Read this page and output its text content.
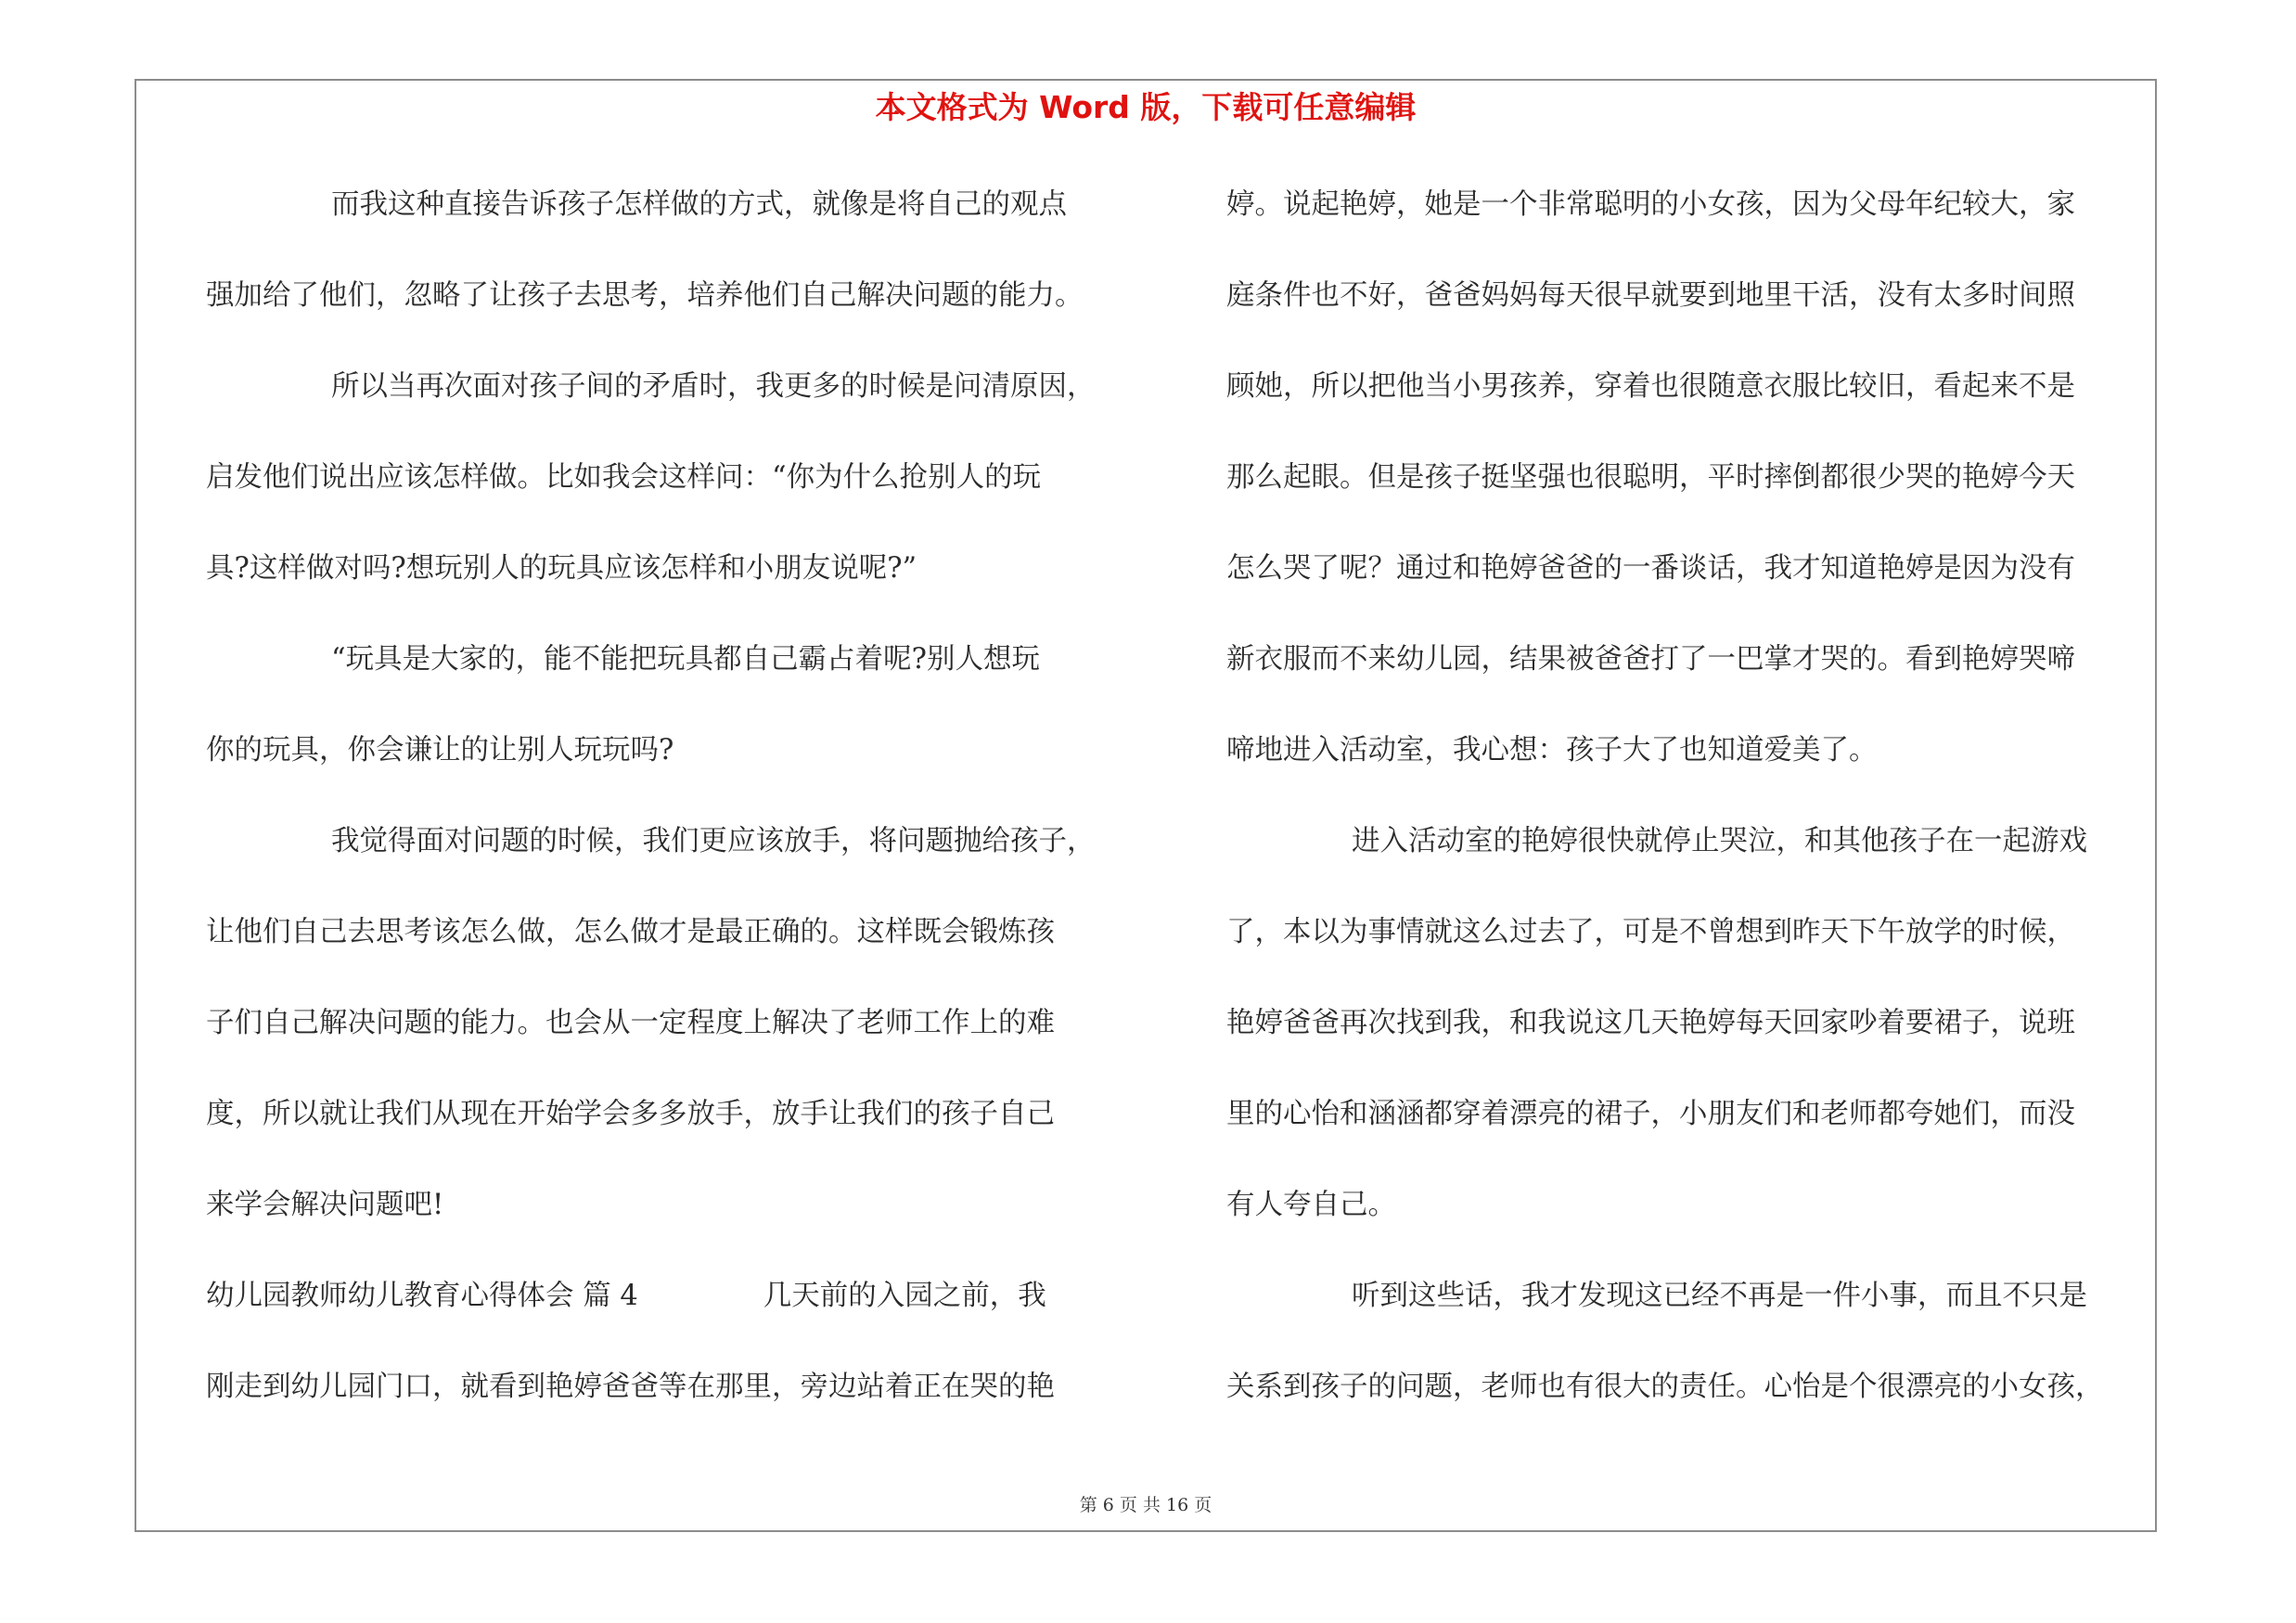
本文格式为 Word 版，下载可任意编辑
而我这种直接告诉孩子怎样做的方式，就像是将自己的观点
强加给了他们，忽略了让孩子去思考，培养他们自己解决问题的能力。
所以当再次面对孩子间的矛盾时，我更多的时候是问清原因，
启发他们说出应该怎样做。比如我会这样问：“你为什么抢别人的玩
具?这样做对吗?想玩别人的玩具应该怎样和小朋友说呢?”
“玩具是大家的，能不能把玩具都自己霸占着呢?别人想玩
你的玩具，你会谦让的让别人玩玩吗?
我觉得面对问题的时候，我们更应该放手，将问题抛给孩子，
让他们自己去思考该怎么做，怎么做才是最正确的。这样既会锻炼孩
子们自己解决问题的能力。也会从一定程度上解决了老师工作上的难
度，所以就让我们从现在开始学会多多放手，放手让我们的孩子自己
来学会解决问题吧!
幼儿园教师幼儿教育心得体会 篇 4	几天前的入园之前，我
刚走到幼儿园门口，就看到艳婷爸爸等在那里，旁边站着正在哭的艳
婷。说起艳婷，她是一个非常聪明的小女孩，因为父母年纪较大，家
庭条件也不好，爸爸妈妈每天很早就要到地里干活，没有太多时间照
顾她，所以把他当小男孩养，穿着也很随意衣服比较旧，看起来不是
那么起眼。但是孩子挺坚强也很聪明，平时摔倒都很少哭的艳婷今天
怎么哭了呢？通过和艳婷爸爸的一番谈话，我才知道艳婷是因为没有
新衣服而不来幼儿园，结果被爸爸打了一巴掌才哭的。看到艳婷哭啼
啼地进入活动室，我心想：孩子大了也知道爱美了。
进入活动室的艳婷很快就停止哭泣，和其他孩子在一起游戏
了，本以为事情就这么过去了，可是不曾想到昨天下午放学的时候，
艳婷爸爸再次找到我，和我说这几天艳婷每天回家吵着要裙子，说班
里的心怡和涵涵都穿着漂亮的裙子，小朋友们和老师都夸她们，而没
有人夸自己。
听到这些话，我才发现这已经不再是一件小事，而且不只是
关系到孩子的问题，老师也有很大的责任。心怡是个很漂亮的小女孩，
第 6 页 共 16 页
